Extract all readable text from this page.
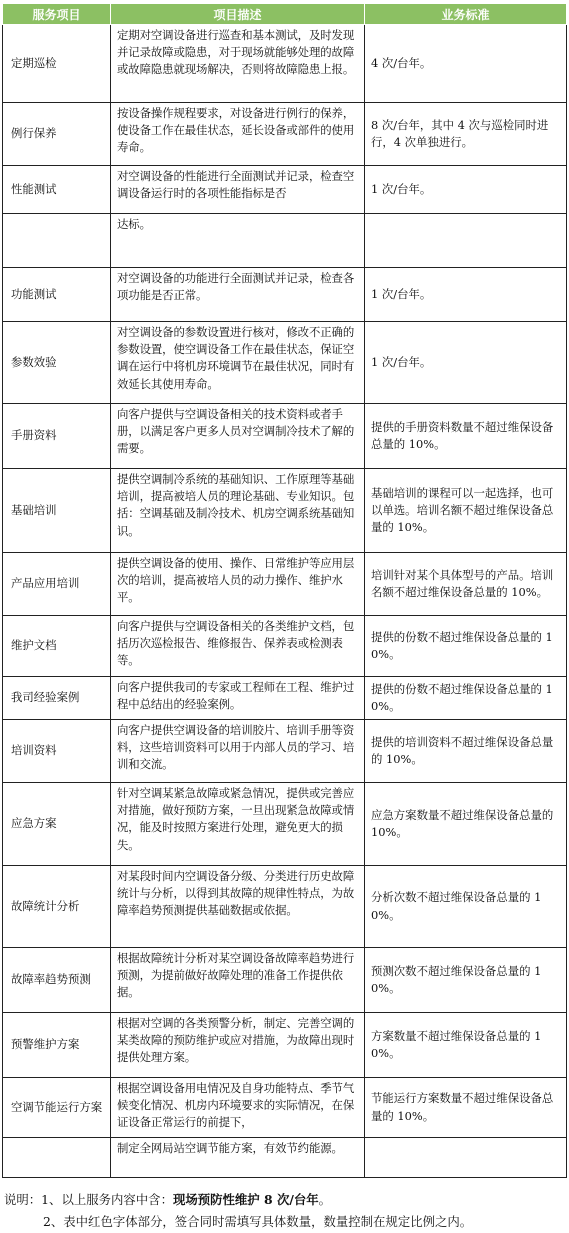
服务项目	项目描述	业务标准
定期巡检	定期对空调设备进行巡查和基本测试，及时发现并记录故障或隐患，对于现场就能够处理的故障或故障隐患就现场解决，否则将故障隐患上报。	4 次/台年。
例行保养	按设备操作规程要求，对设备进行例行的保养，使设备工作在最佳状态，延长设备或部件的使用寿命。	8 次/台年，其中 4 次与巡检同时进行，4 次单独进行。
性能测试	对空调设备的性能进行全面测试并记录，检查空调设备运行时的各项性能指标是否	1 次/台年。
	达标。	
功能测试	对空调设备的功能进行全面测试并记录，检查各项功能是否正常。	1 次/台年。
参数效验	对空调设备的参数设置进行核对，修改不正确的参数设置，使空调设备工作在最佳状态，保证空调在运行中将机房环境调节在最佳状况，同时有效延长其使用寿命。	1 次/台年。
手册资料	向客户提供与空调设备相关的技术资料或者手册，以满足客户更多人员对空调制冷技术了解的需要。	提供的手册资料数量不超过维保设备总量的 10%。
基础培训	提供空调制冷系统的基础知识、工作原理等基础培训，提高被培人员的理论基础、专业知识。包括：空调基础及制冷技术、机房空调系统基础知识。	基础培训的课程可以一起选择，也可以单选。培训名额不超过维保设备总量的 10%。
产品应用培训	提供空调设备的使用、操作、日常维护等应用层次的培训，提高被培人员的动力操作、维护水平。	培训针对某个具体型号的产品。培训名额不超过维保设备总量的 10%。
维护文档	向客户提供与空调设备相关的各类维护文档，包括历次巡检报告、维修报告、保养表或检测表等。	提供的份数不超过维保设备总量的 10%。
我司经验案例	向客户提供我司的专家或工程师在工程、维护过程中总结出的经验案例。	提供的份数不超过维保设备总量的 10%。
培训资料	向客户提供空调设备的培训胶片、培训手册等资料，这些培训资料可以用于内部人员的学习、培训和交流。	提供的培训资料不超过维保设备总量的 10%。
应急方案	针对空调某紧急故障或紧急情况，提供或完善应对措施，做好预防方案，一旦出现紧急故障或情况，能及时按照方案进行处理，避免更大的损失。	应急方案数量不超过维保设备总量的 10%。
故障统计分析	对某段时间内空调设备分级、分类进行历史故障统计与分析，以得到其故障的规律性特点，为故障率趋势预测提供基础数据或依据。	分析次数不超过维保设备总量的 10%。
故障率趋势预测	根据故障统计分析对某空调设备故障率趋势进行预测，为提前做好故障处理的准备工作提供依据。	预测次数不超过维保设备总量的 10%。
预警维护方案	根据对空调的各类预警分析，制定、完善空调的某类故障的预防维护或应对措施，为故障出现时提供处理方案。	方案数量不超过维保设备总量的 10%。
空调节能运行方案	根据空调设备用电情况及自身功能特点、季节气候变化情况、机房内环境要求的实际情况，在保证设备正常运行的前提下，	节能运行方案数量不超过维保设备总量的 10%。
	制定全网局站空调节能方案，有效节约能源。	
说明：1、以上服务内容中含：现场预防性维护 8 次/台年。
2、表中红色字体部分，签合同时需填写具体数量，数量控制在规定比例之内。
